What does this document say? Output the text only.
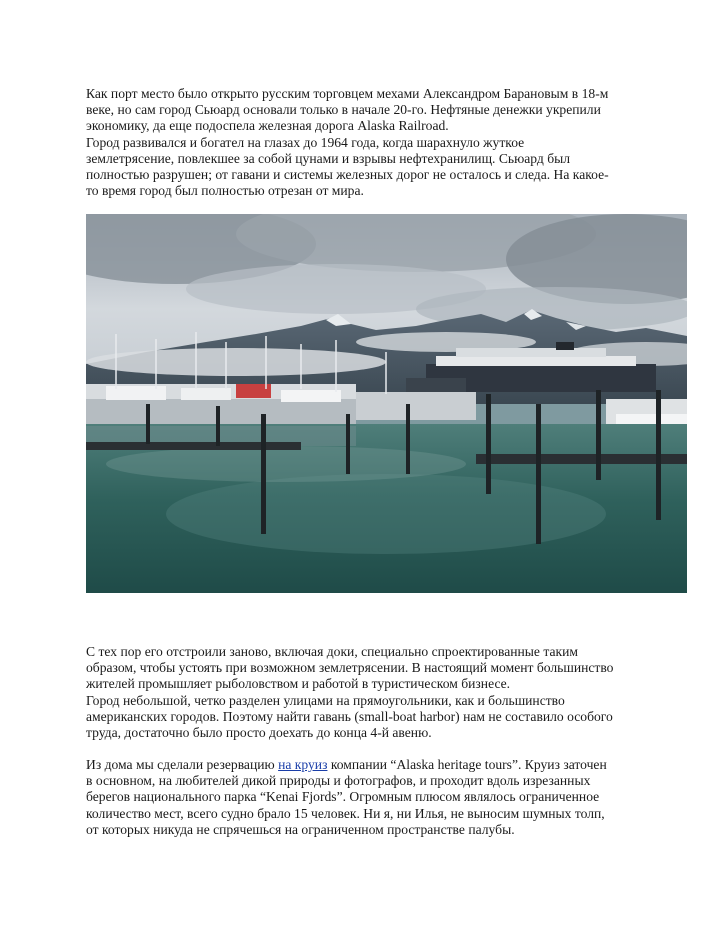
Как порт место было открыто русским торговцем мехами Александром Барановым в 18-м
веке, но сам город Сьюард основали только в начале 20-го. Нефтяные денежки укрепили
экономику, да еще подоспела железная дорога Alaska Railroad.
Город развивался и богател на глазах до 1964 года, когда шарахнуло жуткое
землетрясение, повлекшее за собой цунами и взрывы нефтехранилищ. Сьюард был
полностью разрушен; от гавани и системы железных дорог не осталось и следа. На какое-
то время город был полностью отрезан от мира.
С тех пор его отстроили заново, включая доки, специально спроектированные таким
образом, чтобы устоять при возможном землетрясении. В настоящий момент большинство
жителей промышляет рыболовством и работой в туристическом бизнесе.
Город небольшой, четко разделен улицами на прямоугольники, как и большинство
американских городов. Поэтому найти гавань (small-boat harbor) нам не составило особого
труда, достаточно было просто доехать до конца 4-й авеню.
Из дома мы сделали резервацию на круиз компании “Alaska heritage tours”. Круиз заточен
в основном, на любителей дикой природы и фотографов, и проходит вдоль изрезанных
берегов национального парка “Kenai Fjords”. Огромным плюсом являлось ограниченное
количество мест, всего судно брало 15 человек. Ни я, ни Илья, не выносим шумных толп,
от которых никуда не спрячешься на ограниченном пространстве палубы.
